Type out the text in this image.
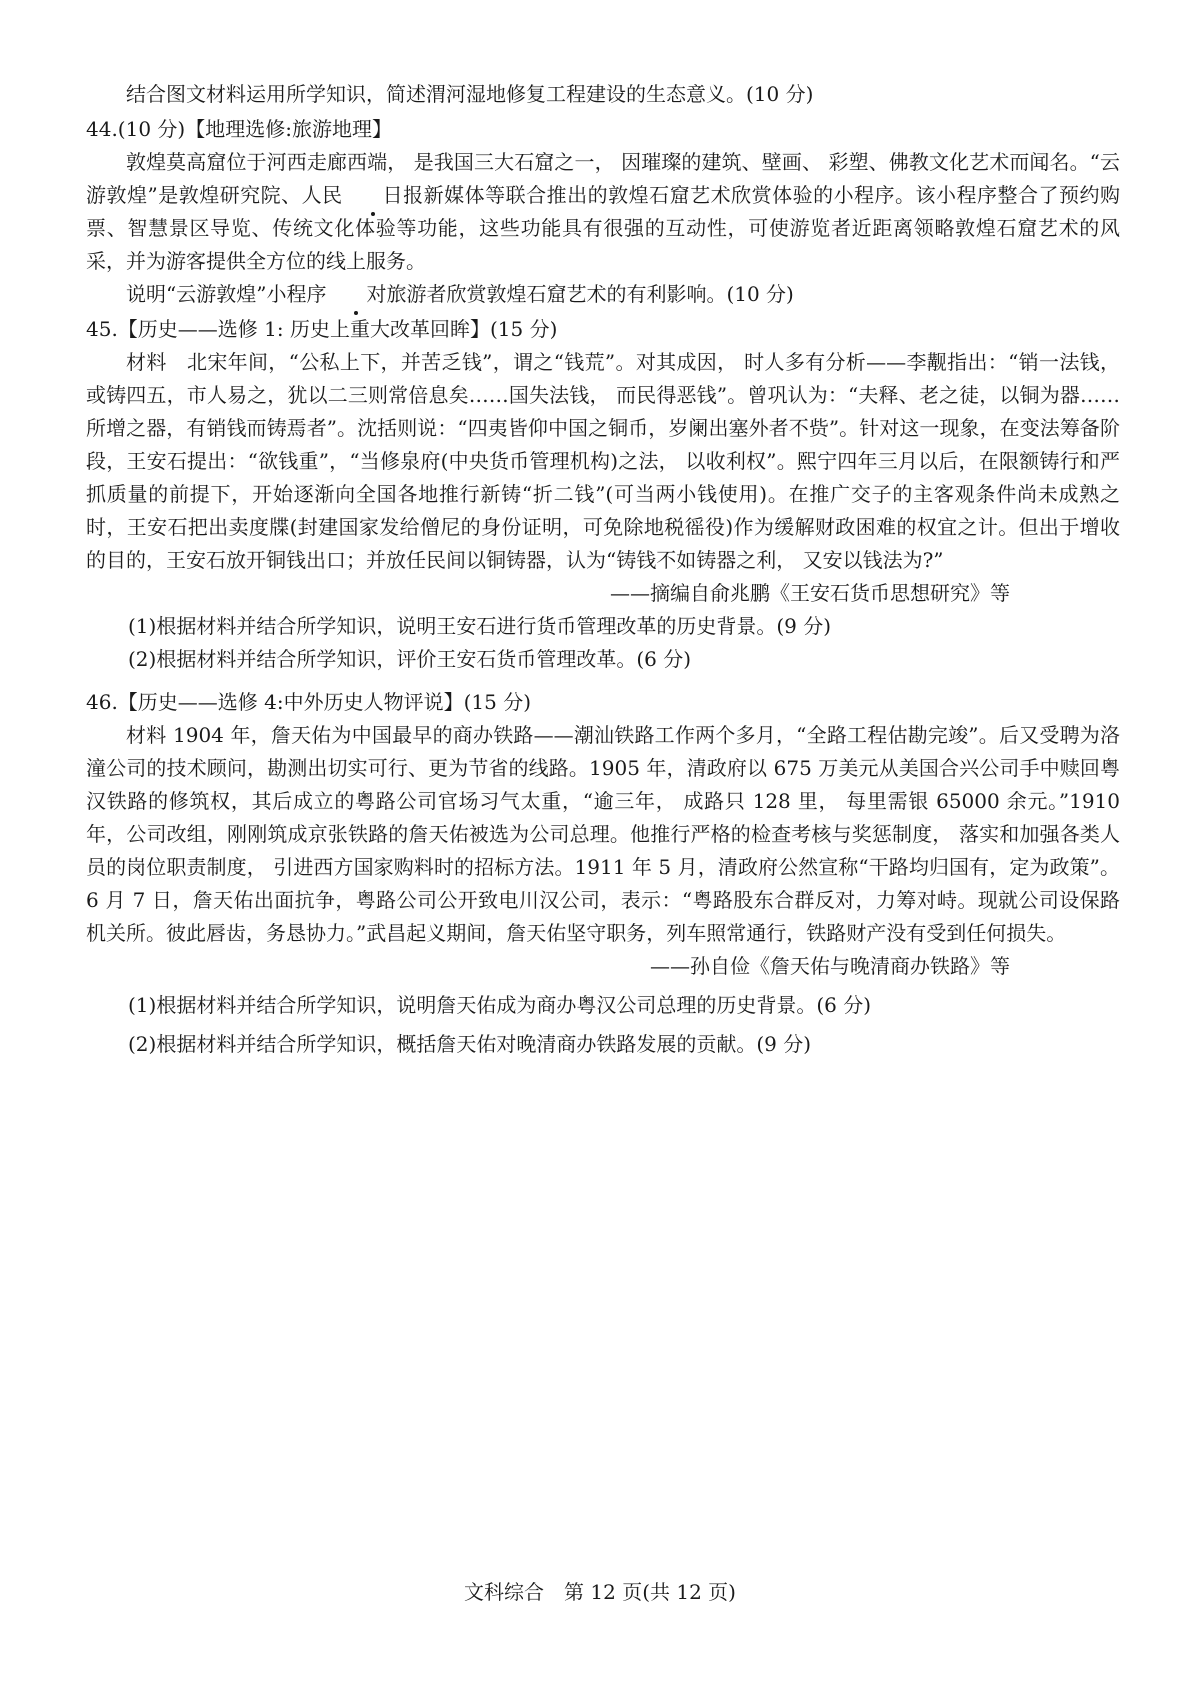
结合图文材料运用所学知识，简述渭河湿地修复工程建设的生态意义。(10 分)

44.(10 分)【地理选修:旅游地理】

敦煌莫高窟位于河西走廊西端， 是我国三大石窟之一， 因璀璨的建筑、壁画、 彩塑、佛教文化艺术而闻名。“云游敦煌”是敦煌研究院、人民 日报新媒体等联合推出的敦煌石窟艺术欣赏体验的小程序。该小程序整合了预约购票、智慧景区导览、传统文化体验等功能，这些功能具有很强的互动性，可使游览者近距离领略敦煌石窟艺术的风采，并为游客提供全方位的线上服务。

说明“云游敦煌”小程序 对旅游者欣赏敦煌石窟艺术的有利影响。(10 分)

45.【历史——选修 1: 历史上重大改革回眸】(15 分)

材料　北宋年间，“公私上下，并苦乏钱”，谓之“钱荒”。对其成因， 时人多有分析——李觏指出：“销一法钱，或铸四五，市人易之，犹以二三则常倍息矣……国失法钱， 而民得恶钱”。曾巩认为：“夫释、老之徒，以铜为器……所增之器，有销钱而铸焉者”。沈括则说：“四夷皆仰中国之铜币，岁阑出塞外者不赀”。针对这一现象，在变法筹备阶段，王安石提出：“欲钱重”，“当修泉府(中央货币管理机构)之法， 以收利权”。熙宁四年三月以后，在限额铸行和严抓质量的前提下，开始逐渐向全国各地推行新铸“折二钱”(可当两小钱使用)。在推广交子的主客观条件尚未成熟之时，王安石把出卖度牒(封建国家发给僧尼的身份证明，可免除地税徭役)作为缓解财政困难的权宜之计。但出于增收的目的，王安石放开铜钱出口；并放任民间以铜铸器，认为“铸钱不如铸器之利， 又安以钱法为?”

——摘编自俞兆鹏《王安石货币思想研究》等

(1)根据材料并结合所学知识，说明王安石进行货币管理改革的历史背景。(9 分)

(2)根据材料并结合所学知识，评价王安石货币管理改革。(6 分)

46.【历史——选修 4:中外历史人物评说】(15 分)

材料 1904 年，詹天佑为中国最早的商办铁路——潮汕铁路工作两个多月，“全路工程估勘完竣”。后又受聘为洛潼公司的技术顾问，勘测出切实可行、更为节省的线路。1905 年，清政府以 675 万美元从美国合兴公司手中赎回粤汉铁路的修筑权，其后成立的粤路公司官场习气太重，“逾三年， 成路只 128 里， 每里需银 65000 余元。”1910 年，公司改组，刚刚筑成京张铁路的詹天佑被选为公司总理。他推行严格的检查考核与奖惩制度， 落实和加强各类人员的岗位职责制度， 引进西方国家购料时的招标方法。1911 年 5 月，清政府公然宣称“干路均归国有，定为政策”。6 月 7 日，詹天佑出面抗争，粤路公司公开致电川汉公司，表示：“粤路股东合群反对，力筹对峙。现就公司设保路机关所。彼此唇齿，务恳协力。”武昌起义期间，詹天佑坚守职务，列车照常通行，铁路财产没有受到任何损失。

——孙自俭《詹天佑与晚清商办铁路》等

(1)根据材料并结合所学知识，说明詹天佑成为商办粤汉公司总理的历史背景。(6 分)

(2)根据材料并结合所学知识，概括詹天佑对晚清商办铁路发展的贡献。(9 分)

文科综合　第 12 页(共 12 页)
